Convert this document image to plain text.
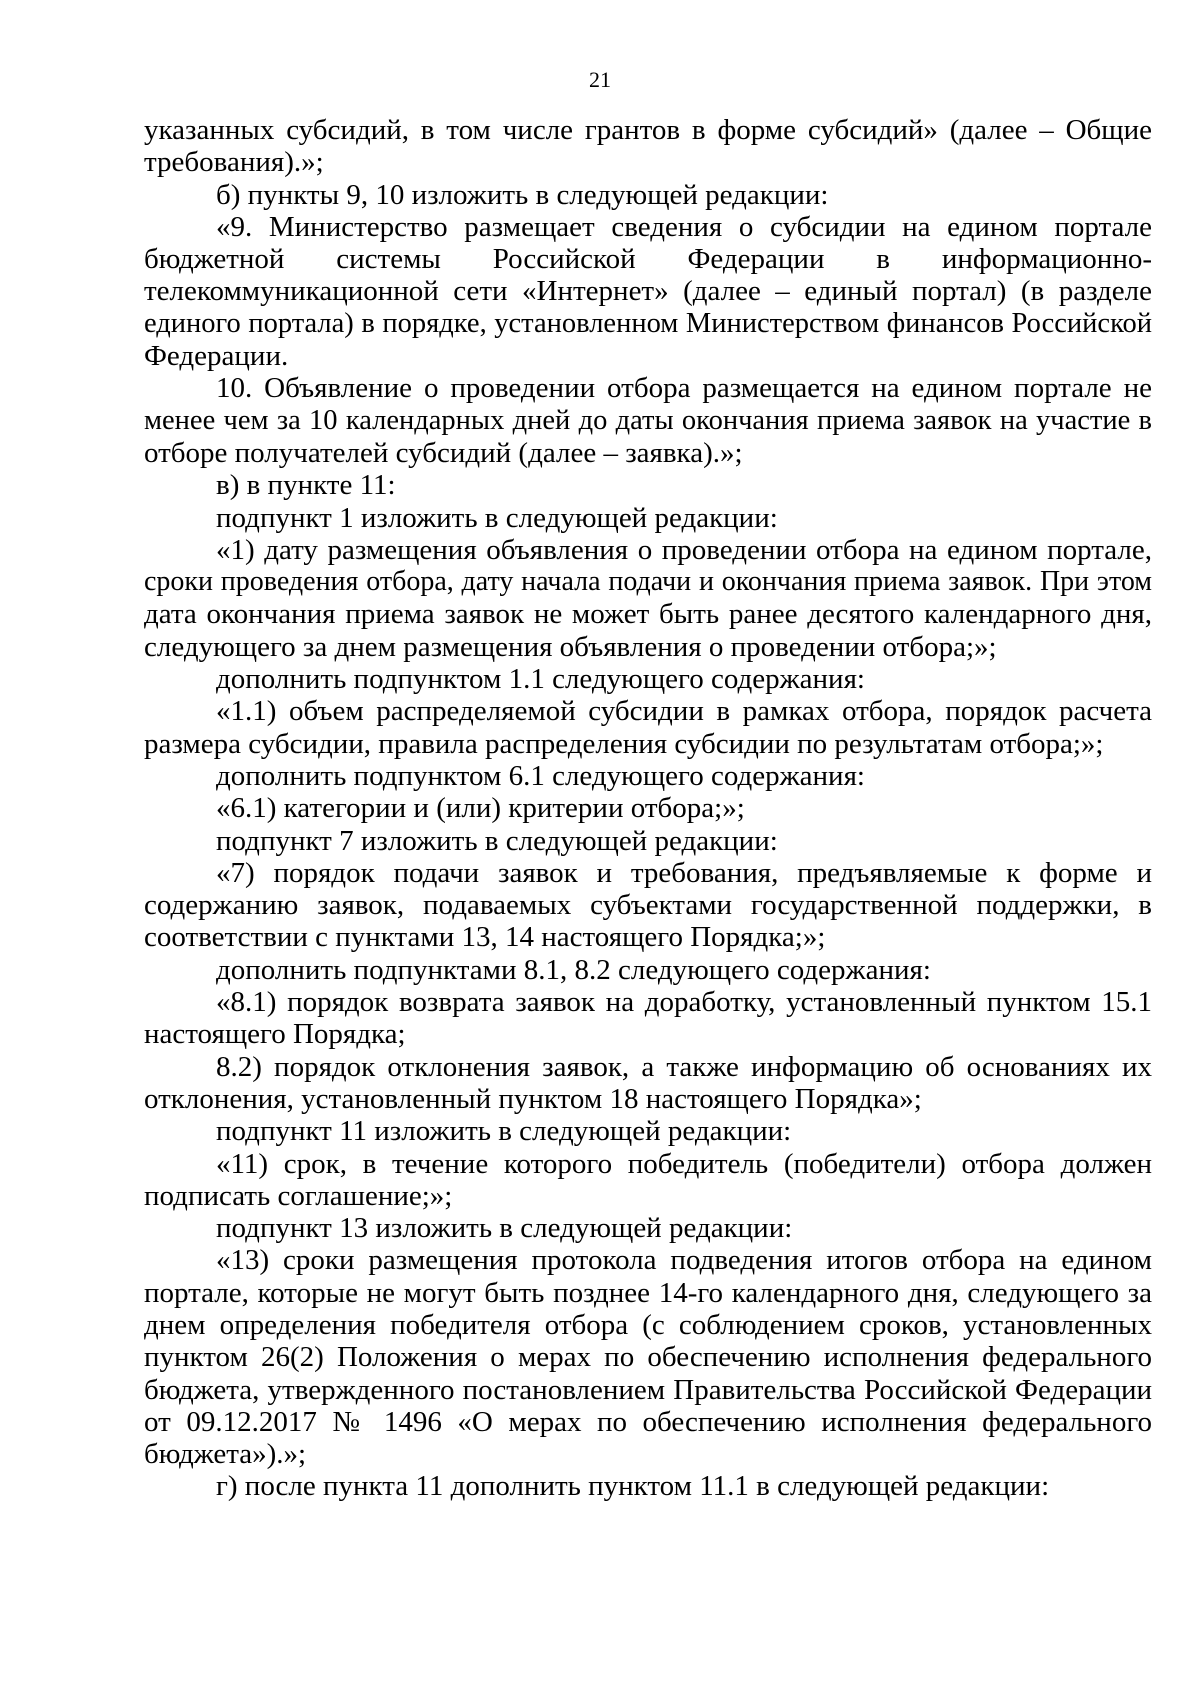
21
указанных субсидий, в том числе грантов в форме субсидий» (далее – Общие
требования).»;
б) пункты 9, 10 изложить в следующей редакции:
«9. Министерство размещает сведения о субсидии на едином портале
бюджетной системы Российской Федерации в информационно-
телекоммуникационной сети «Интернет» (далее – единый портал) (в разделе
единого портала) в порядке, установленном Министерством финансов Российской
Федерации.
10. Объявление о проведении отбора размещается на едином портале не
менее чем за 10 календарных дней до даты окончания приема заявок на участие в
отборе получателей субсидий (далее – заявка).»;
в) в пункте 11:
подпункт 1 изложить в следующей редакции:
«1) дату размещения объявления о проведении отбора на едином портале,
сроки проведения отбора, дату начала подачи и окончания приема заявок. При этом
дата окончания приема заявок не может быть ранее десятого календарного дня,
следующего за днем размещения объявления о проведении отбора;»;
дополнить подпунктом 1.1 следующего содержания:
«1.1) объем распределяемой субсидии в рамках отбора, порядок расчета
размера субсидии, правила распределения субсидии по результатам отбора;»;
дополнить подпунктом 6.1 следующего содержания:
«6.1) категории и (или) критерии отбора;»;
подпункт 7 изложить в следующей редакции:
«7) порядок подачи заявок и требования, предъявляемые к форме и
содержанию заявок, подаваемых субъектами государственной поддержки, в
соответствии с пунктами 13, 14 настоящего Порядка;»;
дополнить подпунктами 8.1, 8.2 следующего содержания:
«8.1) порядок возврата заявок на доработку, установленный пунктом 15.1
настоящего Порядка;
8.2) порядок отклонения заявок, а также информацию об основаниях их
отклонения, установленный пунктом 18 настоящего Порядка»;
подпункт 11 изложить в следующей редакции:
«11) срок, в течение которого победитель (победители) отбора должен
подписать соглашение;»;
подпункт 13 изложить в следующей редакции:
«13) сроки размещения протокола подведения итогов отбора на едином
портале, которые не могут быть позднее 14-го календарного дня, следующего за
днем определения победителя отбора (с соблюдением сроков, установленных
пунктом 26(2) Положения о мерах по обеспечению исполнения федерального
бюджета, утвержденного постановлением Правительства Российской Федерации
от 09.12.2017 № 1496 «О мерах по обеспечению исполнения федерального
бюджета»).»;
г) после пункта 11 дополнить пунктом 11.1 в следующей редакции:
